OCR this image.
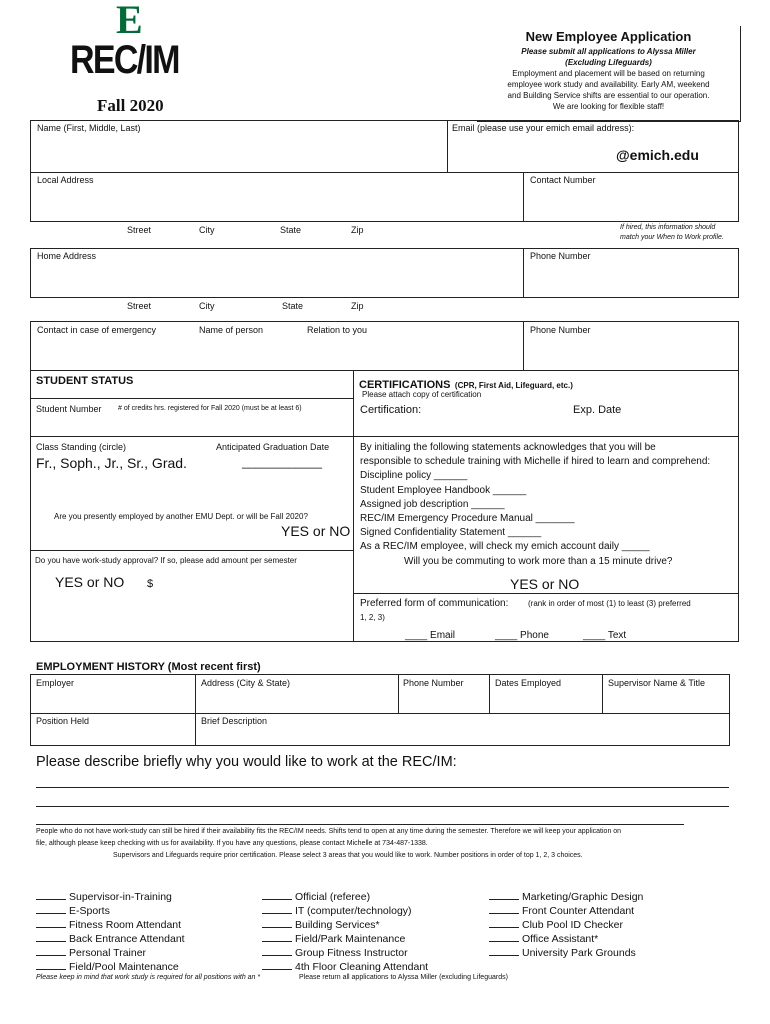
E
REC/IM
Fall 2020
New Employee Application
Please submit all applications to Alyssa Miller
(Excluding Lifeguards)
Employment and placement will be based on returning
employee work study and availability. Early AM, weekend
and Building Service shifts are essential to our operation.
We are looking for flexible staff!
Name (First, Middle, Last)	Email (please use your emich email address):
@emich.edu
Local Address	Contact Number
Street	City	State	Zip	If hired, this information should
match your When to Work profile.
Home Address	Phone Number
Street	City	State	Zip
Contact in case of emergency	Name of person	Relation to you	Phone Number
STUDENT STATUS
Student Number # of credits hrs. registered for Fall 2020 (must be at least 6)
Class Standing (circle)	Anticipated Graduation Date
Fr., Soph., Jr., Sr., Grad.	____________
Are you presently employed by another EMU Dept. or will be Fall 2020?
YES or NO
Do you have work-study approval? If so, please add amount per semester
YES or NO $
CERTIFICATIONS (CPR, First Aid, Lifeguard, etc.)
Please attach copy of certification
Certification:	Exp. Date
By initialing the following statements acknowledges that you will be
responsible to schedule training with Michelle if hired to learn and comprehend:
Discipline policy ______
Student Employee Handbook ______
Assigned job description ______
REC/IM Emergency Procedure Manual _______
Signed Confidentiality Statement ______
As a REC/IM employee, will check my emich account daily _____
Will you be commuting to work more than a 15 minute drive?
YES or NO
Preferred form of communication: (rank in order of most (1) to least (3) preferred
1, 2, 3)
____ Email	____ Phone	____ Text
EMPLOYMENT HISTORY (Most recent first)
Employer	Address (City & State)	Phone Number	Dates Employed	Supervisor Name & Title
Position Held	Brief Description
Please describe briefly why you would like to work at the REC/IM:
People who do not have work-study can still be hired if their availability fits the REC/IM needs. Shifts tend to open at any time during the semester. Therefore we will keep your application on
file, although please keep checking with us for availability. If you have any questions, please contact Michelle at 734-487-1338.
Supervisors and Lifeguards require prior certification. Please select 3 areas that you would like to work. Number positions in order of top 1, 2, 3 choices.
Supervisor-in-Training
E-Sports
Fitness Room Attendant
Back Entrance Attendant
Personal Trainer
Field/Pool Maintenance
Official (referee)
IT (computer/technology)
Building Services*
Field/Park Maintenance
Group Fitness Instructor
4th Floor Cleaning Attendant
Marketing/Graphic Design
Front Counter Attendant
Club Pool ID Checker
Office Assistant*
University Park Grounds
Please keep in mind that work study is required for all positions with an *	Please return all applications to Alyssa Miller (excluding Lifeguards)
